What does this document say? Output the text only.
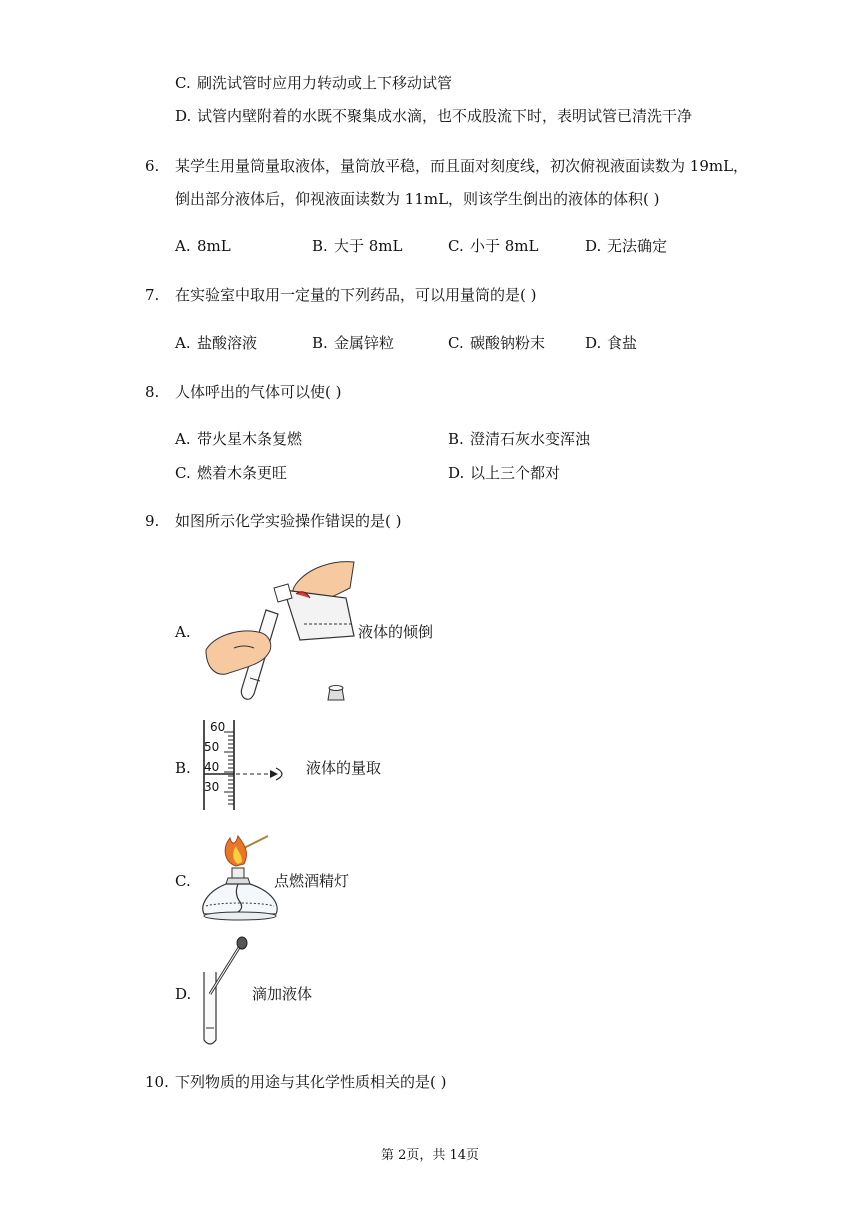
C. 刷洗试管时应用力转动或上下移动试管
D. 试管内壁附着的水既不聚集成水滴，也不成股流下时，表明试管已清洗干净
6.	某学生用量筒量取液体，量筒放平稳，而且面对刻度线，初次俯视液面读数为 19mL，
倒出部分液体后，仰视液面读数为 11mL，则该学生倒出的液体的体积( )
A. 8mL	B. 大于 8mL	C. 小于 8mL	D. 无法确定
7.	在实验室中取用一定量的下列药品，可以用量筒的是( )
A. 盐酸溶液	B. 金属锌粒	C. 碳酸钠粉末	D. 食盐
8.	人体呼出的气体可以使( )
A. 带火星木条复燃	B. 澄清石灰水变浑浊
C. 燃着木条更旺	D. 以上三个都对
9.	如图所示化学实验操作错误的是( )
A.	液体的倾倒
B.
60
50
40
30
液体的量取
C.	点燃酒精灯
D.	滴加液体
10. 下列物质的用途与其化学性质相关的是( )
第 2页，共 14页
